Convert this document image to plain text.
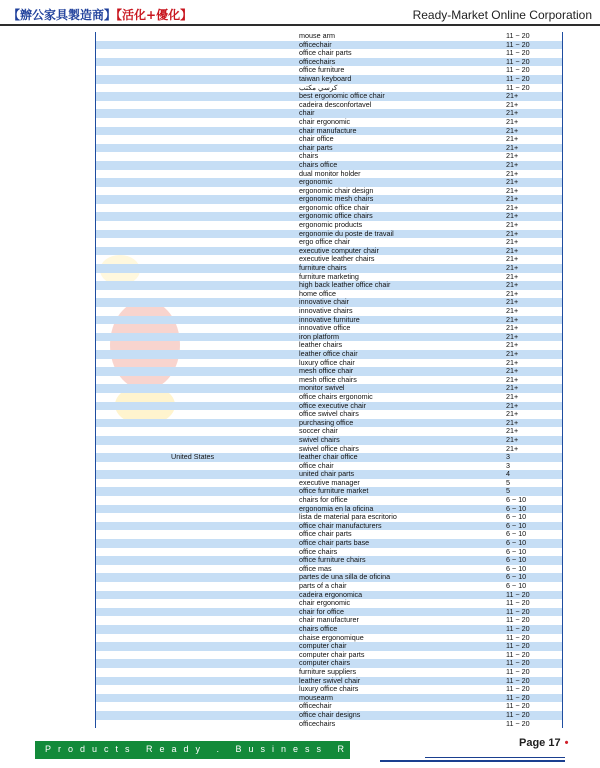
【辦公家具製造商】【活化+優化】	Ready-Market Online Corporation
mouse arm	11 ~ 20
officechair	11 ~ 20
office chair parts	11 ~ 20
officechairs	11 ~ 20
office furniture	11 ~ 20
taiwan keyboard	11 ~ 20
كرسي مكتب	11 ~ 20
best ergonomic office chair	21+
cadeira desconfortavel	21+
chair	21+
chair ergonomic	21+
chair manufacture	21+
chair office	21+
chair parts	21+
chairs	21+
chairs office	21+
dual monitor holder	21+
ergonomic	21+
ergonomic chair design	21+
ergonomic mesh chairs	21+
ergonomic office chair	21+
ergonomic office chairs	21+
ergonomic products	21+
ergonomie du poste de travail	21+
ergo office chair	21+
executive computer chair	21+
executive leather chairs	21+
furniture chairs	21+
furniture marketing	21+
high back leather office chair	21+
home office	21+
innovative chair	21+
innovative chairs	21+
innovative furniture	21+
innovative office	21+
iron platform	21+
leather chairs	21+
leather office chair	21+
luxury office chair	21+
mesh office chair	21+
mesh office chairs	21+
monitor swivel	21+
office chairs ergonomic	21+
office executive chair	21+
office swivel chairs	21+
purchasing office	21+
soccer chair	21+
swivel chairs	21+
swivel office chairs	21+
United States	leather chair office	3
office chair	3
united chair parts	4
executive manager	5
office furniture market	5
chairs for office	6 ~ 10
ergonomia en la oficina	6 ~ 10
lista de material para escritorio	6 ~ 10
office chair manufacturers	6 ~ 10
office chair parts	6 ~ 10
office chair parts base	6 ~ 10
office chairs	6 ~ 10
office furniture chairs	6 ~ 10
office mas	6 ~ 10
partes de una silla de oficina	6 ~ 10
parts of a chair	6 ~ 10
cadeira ergonomica	11 ~ 20
chair ergonomic	11 ~ 20
chair for office	11 ~ 20
chair manufacturer	11 ~ 20
chairs office	11 ~ 20
chaise ergonomique	11 ~ 20
computer chair	11 ~ 20
computer chair parts	11 ~ 20
computer chairs	11 ~ 20
furniture suppliers	11 ~ 20
leather swivel chair	11 ~ 20
luxury office chairs	11 ~ 20
mousearm	11 ~ 20
officechair	11 ~ 20
office chair designs	11 ~ 20
officechairs	11 ~ 20
Page 17 •
Products Ready . Business Ready
